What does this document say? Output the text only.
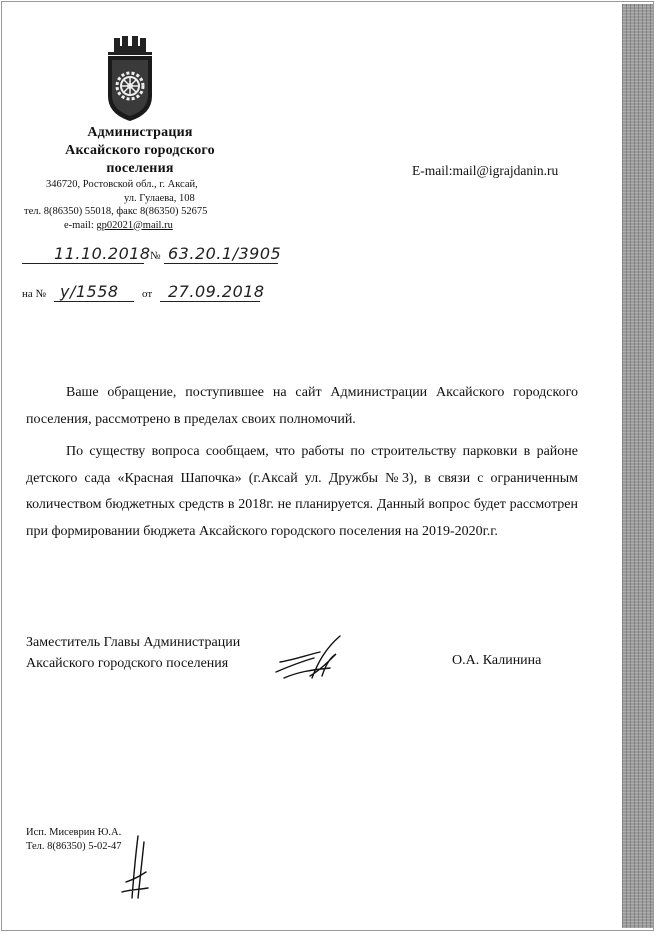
Администрация
Аксайского городского
поселения
346720, Ростовской обл., г. Аксай,
ул. Гулаева, 108
тел. 8(86350) 55018, факс 8(86350) 52675
e-mail: gp02021@mail.ru
E-mail:mail@igrajdanin.ru
11.10.2018 № 63.20.1/3905
на № у/1558 от 27.09.2018

Ваше обращение, поступившее на сайт Администрации Аксайского городского поселения, рассмотрено в пределах своих полномочий.

По существу вопроса сообщаем, что работы по строительству парковки в районе детского сада «Красная Шапочка» (г.Аксай ул. Дружбы №3), в связи с ограниченным количеством бюджетных средств в 2018г. не планируется. Данный вопрос будет рассмотрен при формировании бюджета Аксайского городского поселения на 2019-2020г.г.

Заместитель Главы Администрации
Аксайского городского поселения	О.А. Калинина
Исп. Мисеврин Ю.А.
Тел. 8(86350) 5-02-47
